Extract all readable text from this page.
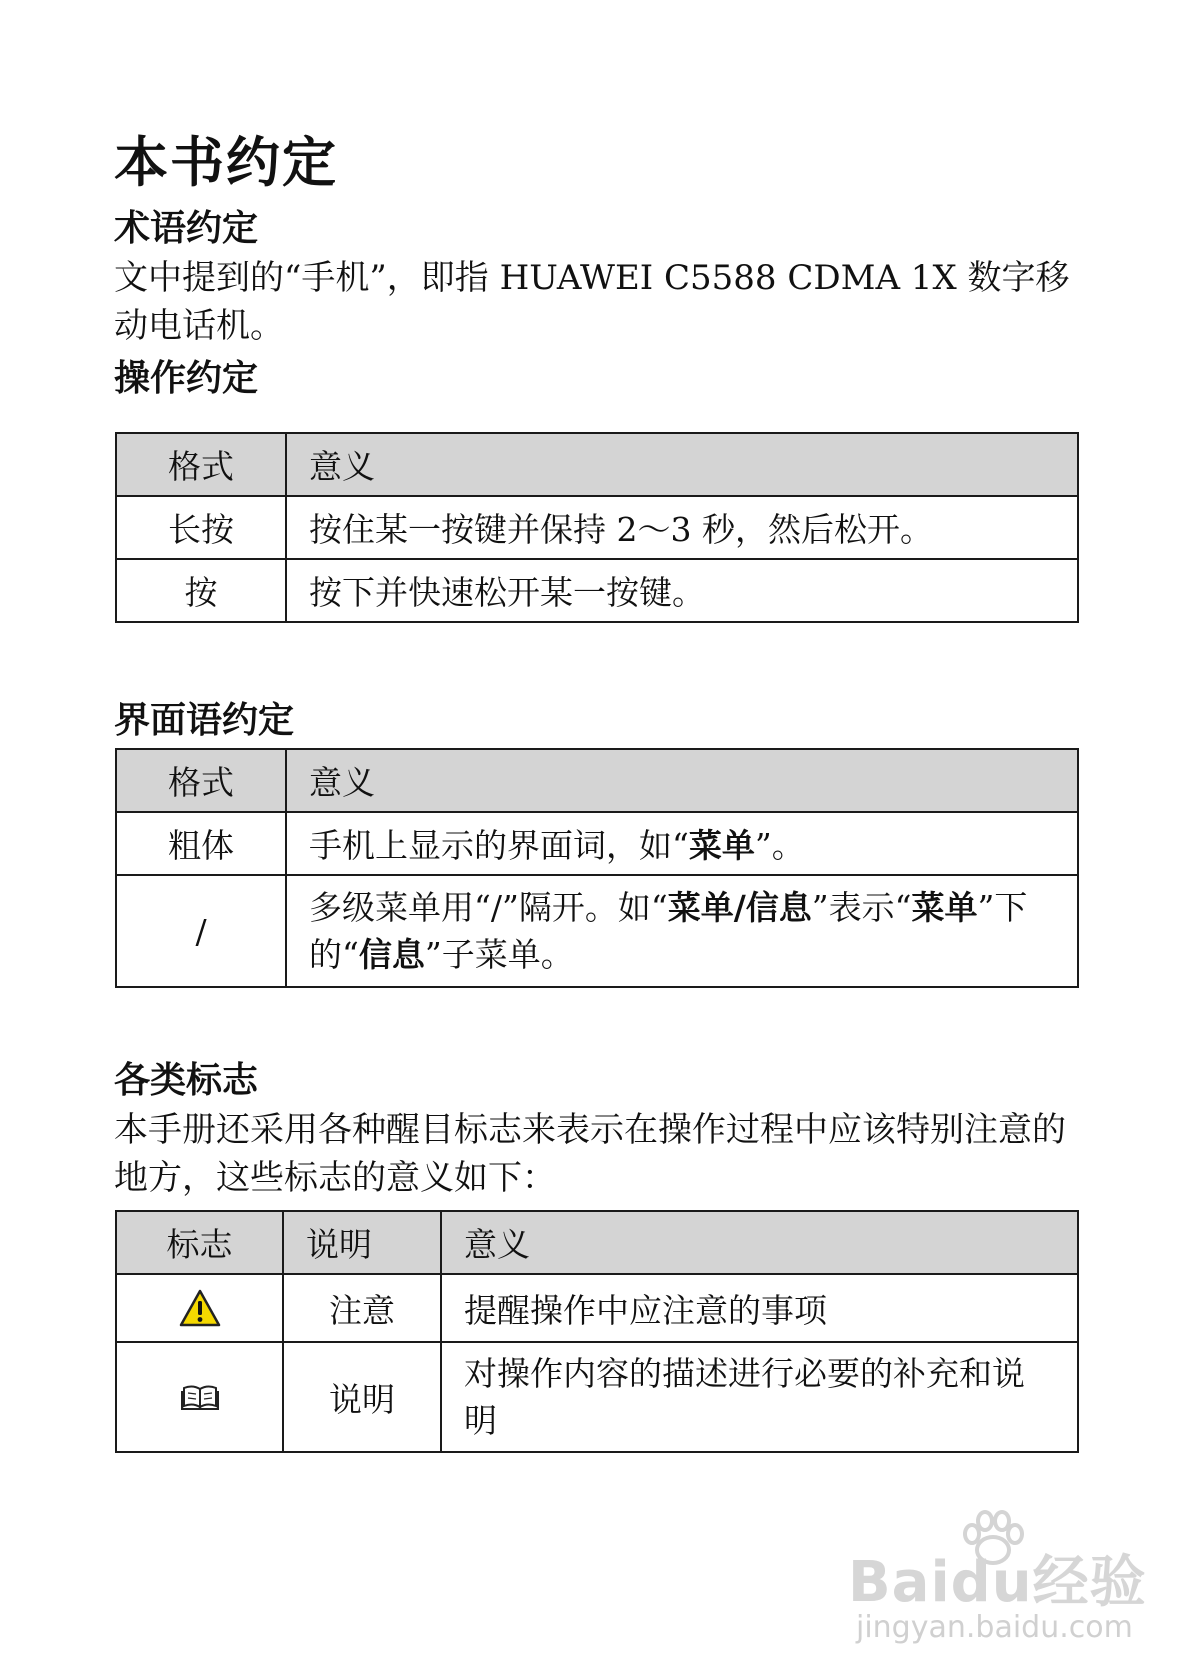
本书约定
术语约定
文中提到的“手机”，即指 HUAWEI C5588 CDMA 1X 数字移动电话机。
操作约定
格式	意义
长按	按住某一按键并保持 2～3 秒，然后松开。
按	按下并快速松开某一按键。
界面语约定
格式	意义
粗体	手机上显示的界面词，如“菜单”。
/	多级菜单用“/”隔开。如“菜单/信息”表示“菜单”下的“信息”子菜单。
各类标志
本手册还采用各种醒目标志来表示在操作过程中应该特别注意的地方，这些标志的意义如下：
标志	说明	意义

	注意	提醒操作中应注意的事项

	说明	对操作内容的描述进行必要的补充和说明
Baidu经验
jingyan.baidu.com
